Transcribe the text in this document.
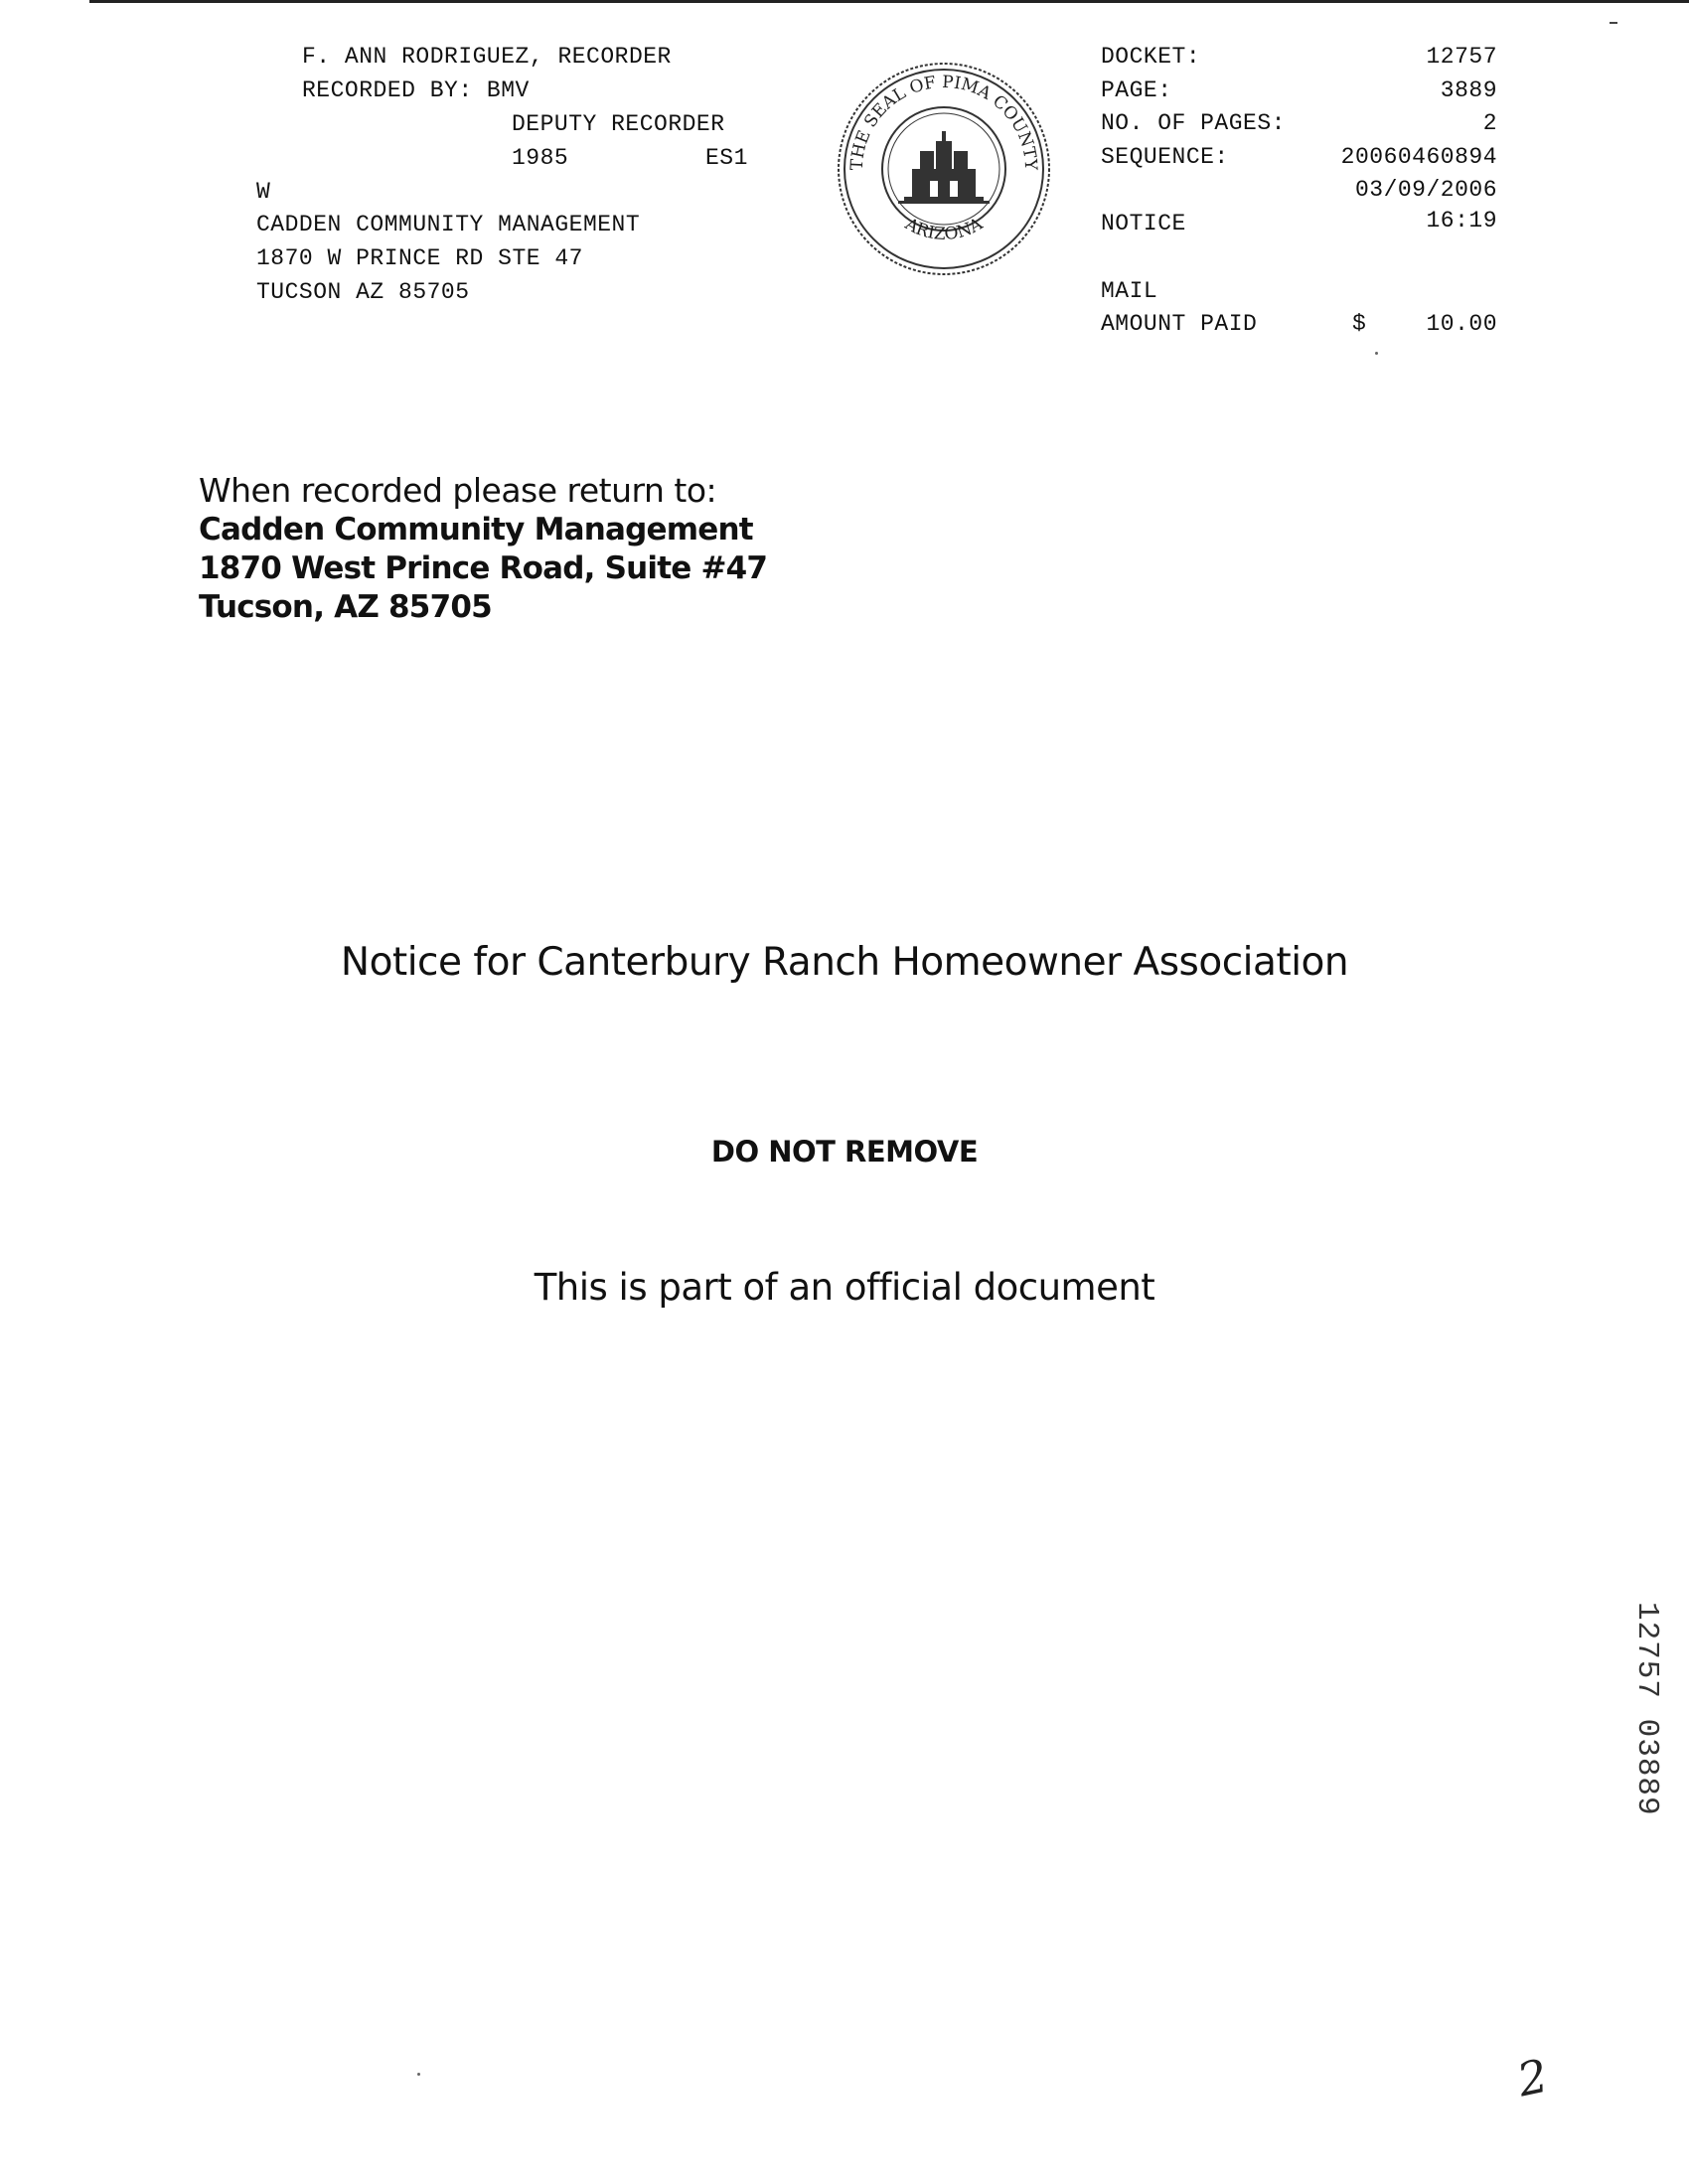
F. ANN RODRIGUEZ, RECORDER
RECORDED BY: BMV
DEPUTY RECORDER
1985	ES1
W
CADDEN COMMUNITY MANAGEMENT
1870 W PRINCE RD STE 47
TUCSON AZ 85705
THE SEAL OF PIMA COUNTY
ARIZONA
DOCKET:	12757
PAGE:	3889
NO. OF PAGES:	2
SEQUENCE:	20060460894
03/09/2006
NOTICE	16:19
MAIL
AMOUNT PAID	$	10.00
When recorded please return to:
Cadden Community Management
1870 West Prince Road, Suite #47
Tucson, AZ 85705
Notice for Canterbury Ranch Homeowner Association
DO NOT REMOVE
This is part of an official document
12757 03889
2
